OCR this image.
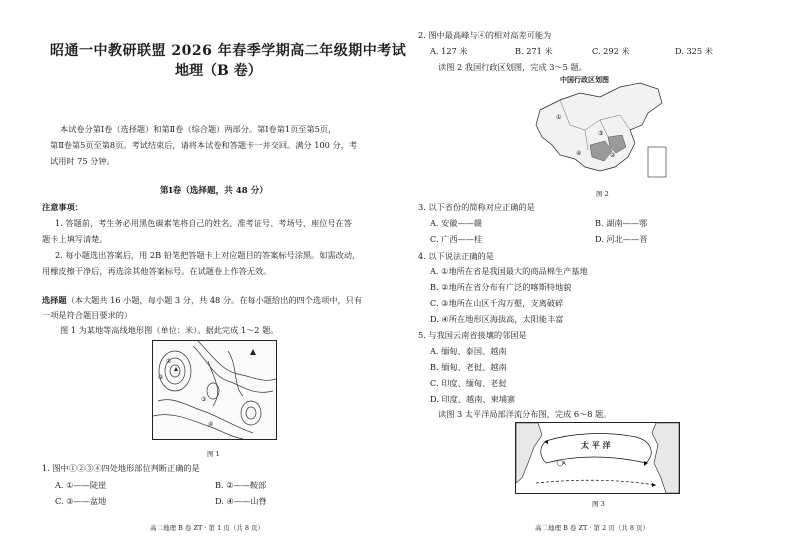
昭通一中教研联盟 2026 年春季学期高二年级期中考试
地理（B 卷）
本试卷分第Ⅰ卷（选择题）和第Ⅱ卷（综合题）两部分。第Ⅰ卷第1页至第5页，
第Ⅱ卷第5页至第8页。考试结束后，请将本试卷和答题卡一并交回。满分 100 分，考
试用时 75 分钟。
第Ⅰ卷（选择题，共 48 分）
注意事项：
1. 答题前，考生务必用黑色碳素笔将自己的姓名、准考证号、考场号、座位号在答
题卡上填写清楚。
2. 每小题选出答案后，用 2B 铅笔把答题卡上对应题目的答案标号涂黑。如需改动，
用橡皮擦干净后，再选涂其他答案标号。在试题卷上作答无效。
选择题（本大题共 16 小题，每小题 3 分，共 48 分。在每小题给出的四个选项中，只有
一项是符合题目要求的）
图 1 为某地等高线地形图（单位：米）。据此完成 1～2 题。
①
②
③
④
图 1
1. 图中①②③④四处地形部位判断正确的是
A. ①——陡崖	B. ②——鞍部
C. ③——盆地	D. ④——山脊
高二地理 B 卷 ZT · 第 1 页（共 8 页）
2. 图中最高峰与④的相对高差可能为
A. 127 米	B. 271 米	C. 292 米	D. 325 米
读图 2 我国行政区划图，完成 3～5 题。
中国行政区划图
①
③
④	②
图 2
3. 以下省份的简称对应正确的是
A. 安徽——赣	B. 湖南——鄂
C. 广西——桂	D. 河北——晋
4. 以下说法正确的是
A. ①地所在省是我国最大的商品棉生产基地
B. ②地所在省分布有广泛的喀斯特地貌
C. ③地所在山区千沟万壑，支离破碎
D. ④所在地形区海拔高，太阳能丰富
5. 与我国云南省接壤的邻国是
A. 缅甸、泰国、越南
B. 缅甸、老挝、越南
C. 印度、缅甸、老挝
D. 印度、越南、柬埔寨
读图 3 太平洋局部洋流分布图，完成 6～8 题。
A
太 平 洋
图 3
高二地理 B 卷 ZT · 第 2 页（共 8 页）
